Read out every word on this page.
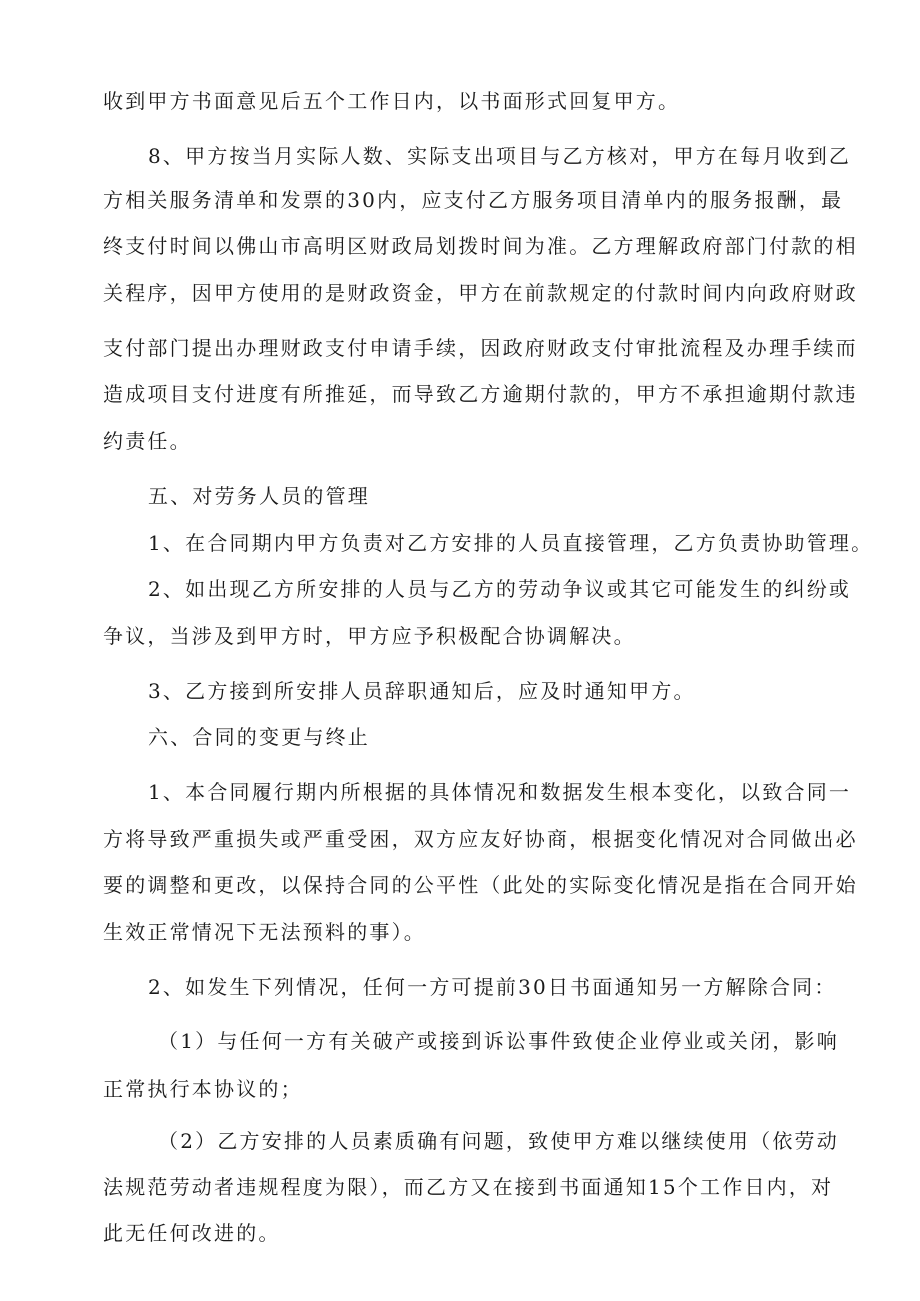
收到甲方书面意见后五个工作日内，以书面形式回复甲方。
8、甲方按当月实际人数、实际支出项目与乙方核对，甲方在每月收到乙
方相关服务清单和发票的30内，应支付乙方服务项目清单内的服务报酬，最
终支付时间以佛山市高明区财政局划拨时间为准。乙方理解政府部门付款的相
关程序，因甲方使用的是财政资金，甲方在前款规定的付款时间内向政府财政
支付部门提出办理财政支付申请手续，因政府财政支付审批流程及办理手续而
造成项目支付进度有所推延，而导致乙方逾期付款的，甲方不承担逾期付款违
约责任。
五、对劳务人员的管理
1、在合同期内甲方负责对乙方安排的人员直接管理，乙方负责协助管理。
2、如出现乙方所安排的人员与乙方的劳动争议或其它可能发生的纠纷或
争议，当涉及到甲方时，甲方应予积极配合协调解决。
3、乙方接到所安排人员辞职通知后，应及时通知甲方。
六、合同的变更与终止
1、本合同履行期内所根据的具体情况和数据发生根本变化，以致合同一
方将导致严重损失或严重受困，双方应友好协商，根据变化情况对合同做出必
要的调整和更改，以保持合同的公平性（此处的实际变化情况是指在合同开始
生效正常情况下无法预料的事）。
2、如发生下列情况，任何一方可提前30日书面通知另一方解除合同：
（1）与任何一方有关破产或接到诉讼事件致使企业停业或关闭，影响
正常执行本协议的；
（2）乙方安排的人员素质确有问题，致使甲方难以继续使用（依劳动
法规范劳动者违规程度为限），而乙方又在接到书面通知15个工作日内，对
此无任何改进的。
